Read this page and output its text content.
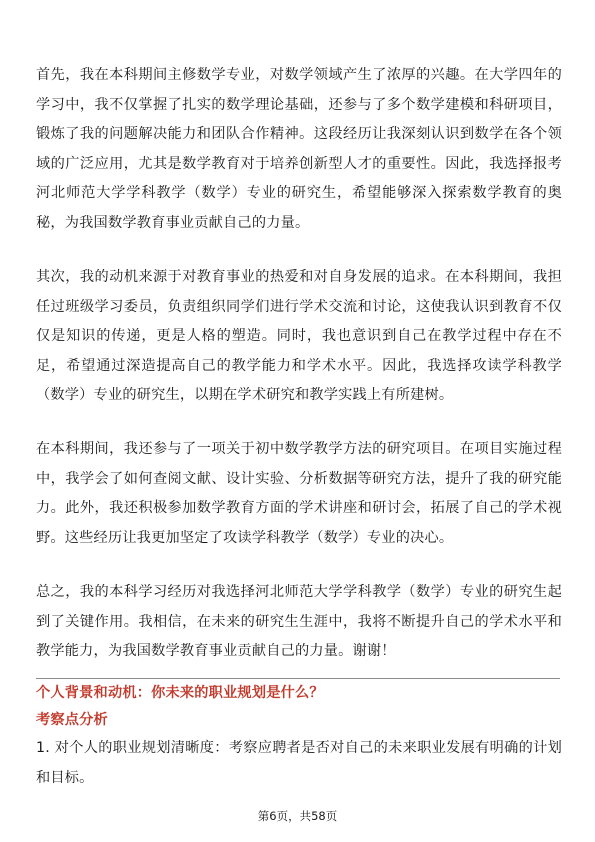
首先，我在本科期间主修数学专业，对数学领域产生了浓厚的兴趣。在大学四年的学习中，我不仅掌握了扎实的数学理论基础，还参与了多个数学建模和科研项目，锻炼了我的问题解决能力和团队合作精神。这段经历让我深刻认识到数学在各个领域的广泛应用，尤其是数学教育对于培养创新型人才的重要性。因此，我选择报考河北师范大学学科教学（数学）专业的研究生，希望能够深入探索数学教育的奥秘，为我国数学教育事业贡献自己的力量。

其次，我的动机来源于对教育事业的热爱和对自身发展的追求。在本科期间，我担任过班级学习委员，负责组织同学们进行学术交流和讨论，这使我认识到教育不仅仅是知识的传递，更是人格的塑造。同时，我也意识到自己在教学过程中存在不足，希望通过深造提高自己的教学能力和学术水平。因此，我选择攻读学科教学（数学）专业的研究生，以期在学术研究和教学实践上有所建树。

在本科期间，我还参与了一项关于初中数学教学方法的研究项目。在项目实施过程中，我学会了如何查阅文献、设计实验、分析数据等研究方法，提升了我的研究能力。此外，我还积极参加数学教育方面的学术讲座和研讨会，拓展了自己的学术视野。这些经历让我更加坚定了攻读学科教学（数学）专业的决心。

总之，我的本科学习经历对我选择河北师范大学学科教学（数学）专业的研究生起到了关键作用。我相信，在未来的研究生生涯中，我将不断提升自己的学术水平和教学能力，为我国数学教育事业贡献自己的力量。谢谢！

个人背景和动机：你未来的职业规划是什么？

考察点分析

1. 对个人的职业规划清晰度：考察应聘者是否对自己的未来职业发展有明确的计划和目标。

第6页，共58页
